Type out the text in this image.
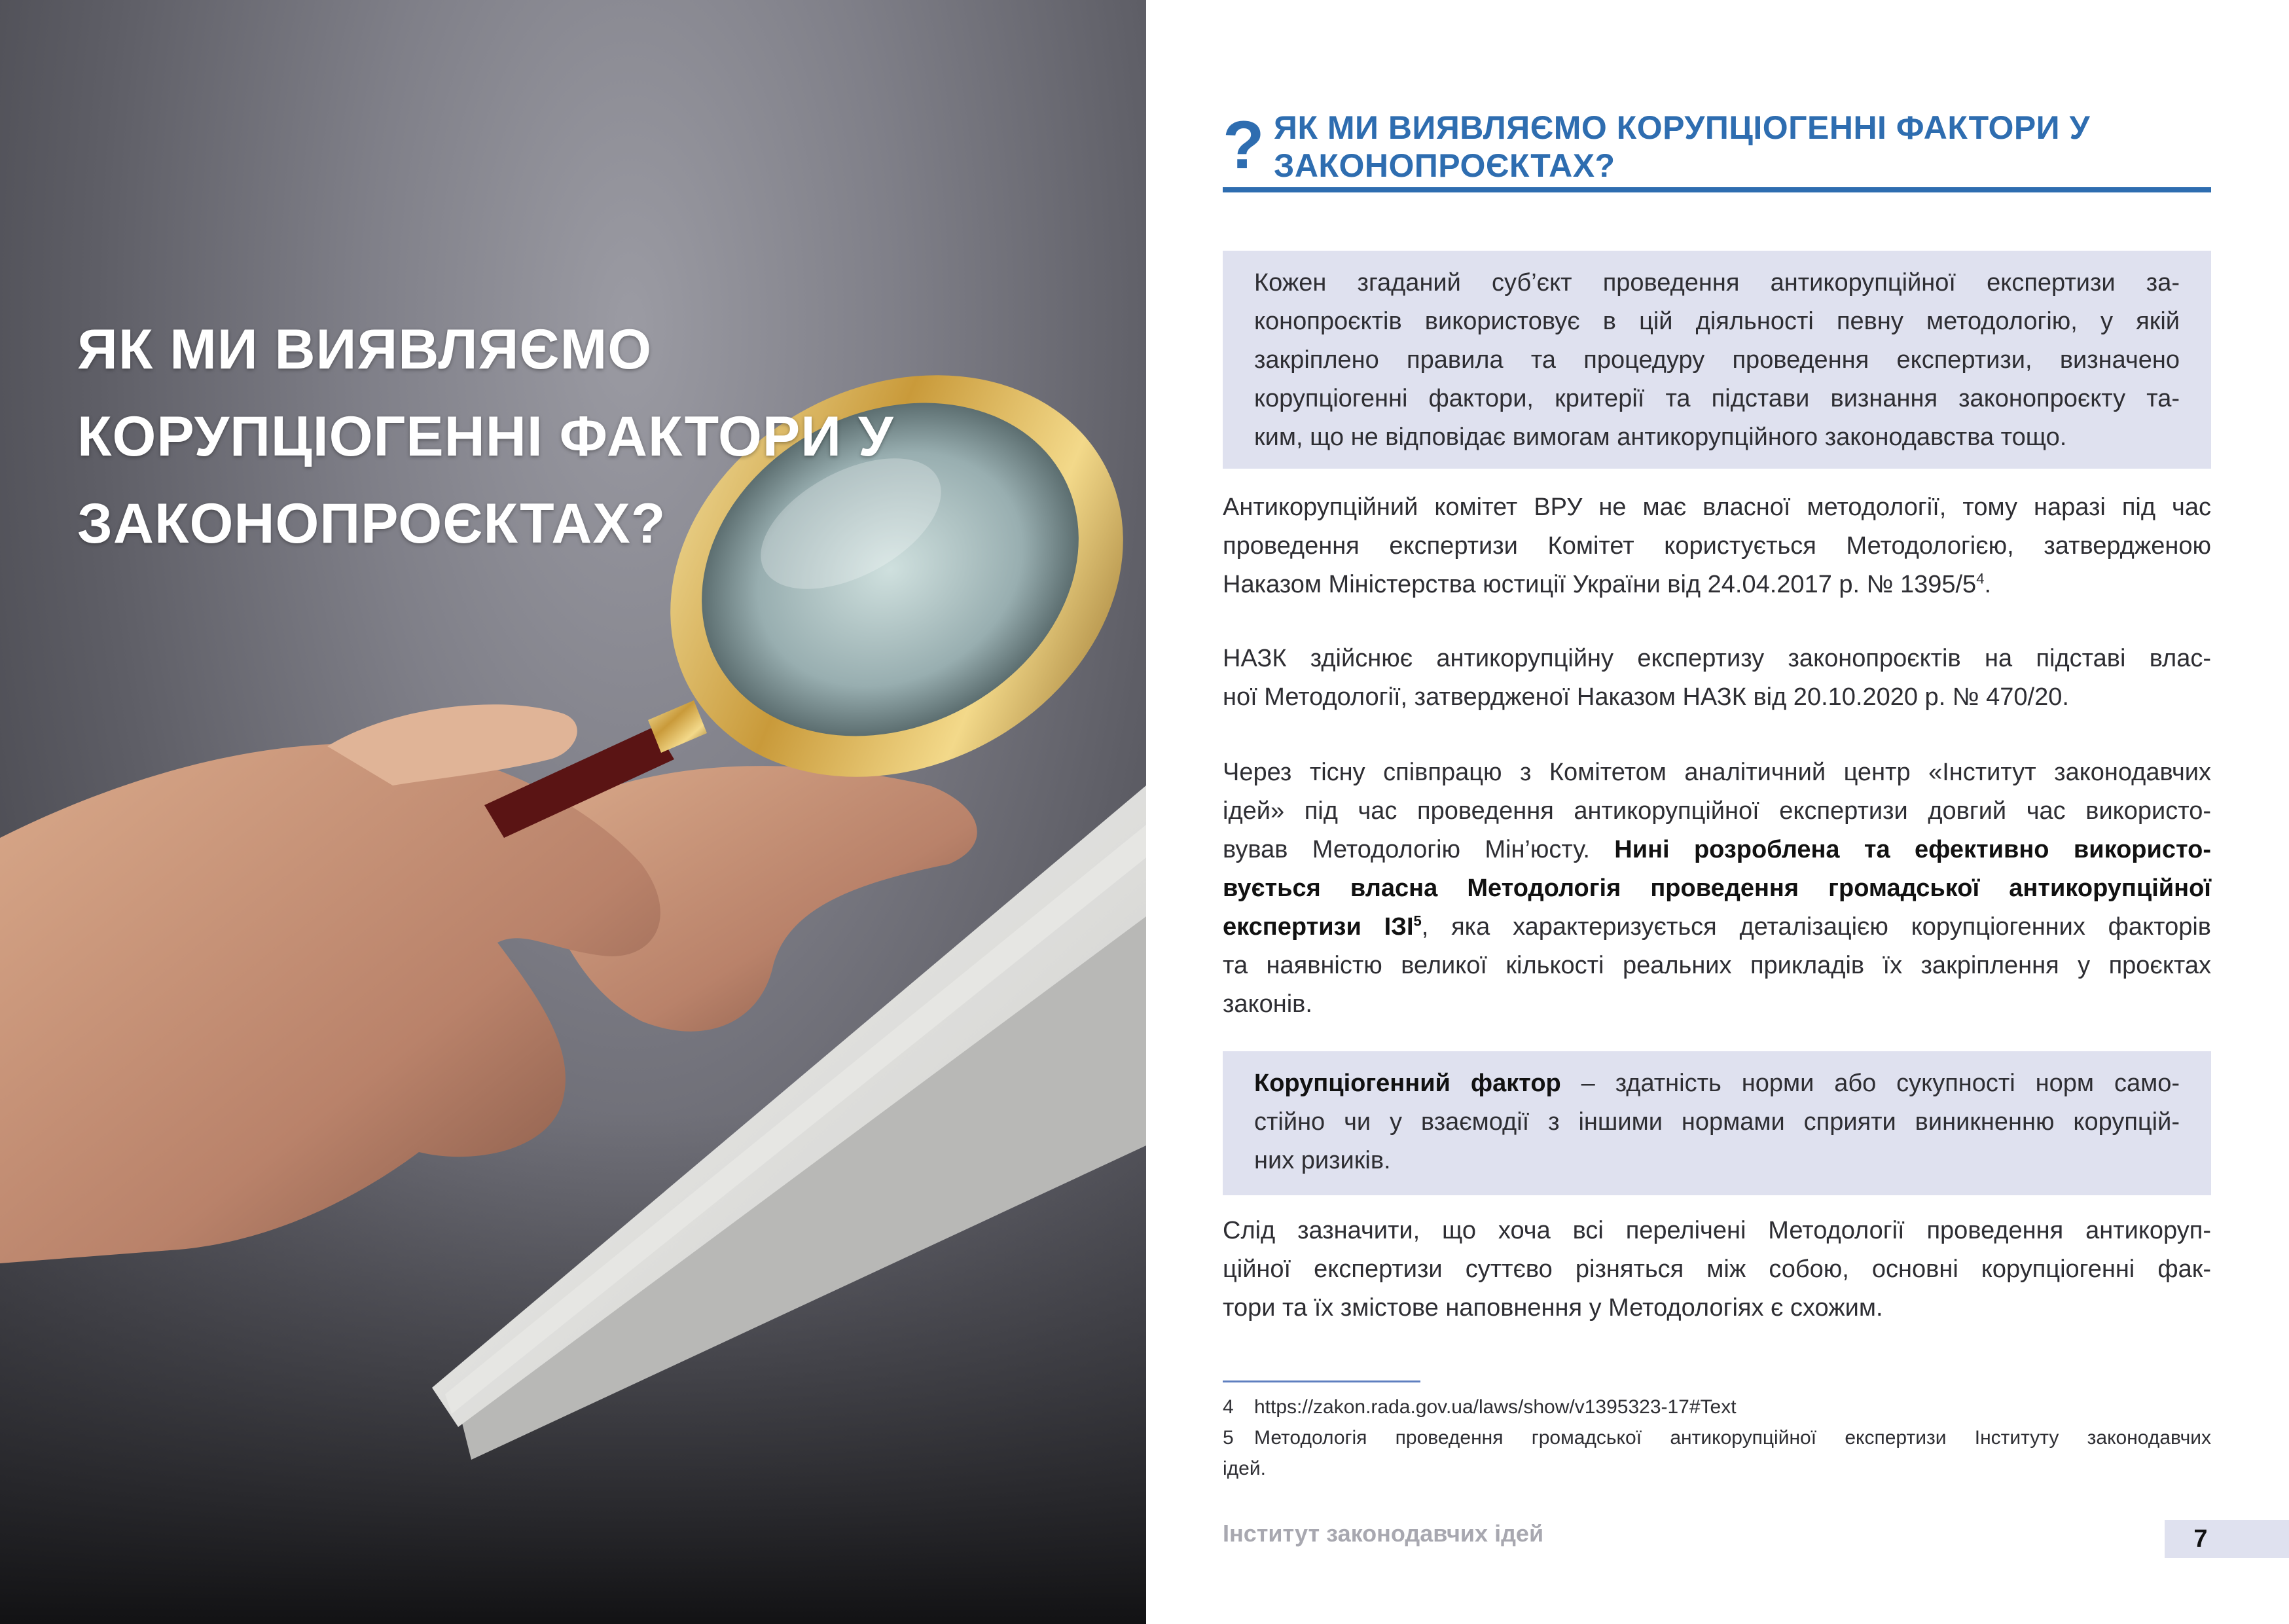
ЯК МИ ВИЯВЛЯЄМО
КОРУПЦІОГЕННІ ФАКТОРИ У
ЗАКОНОПРОЄКТАХ?
? ЯК МИ ВИЯВЛЯЄМО КОРУПЦІОГЕННІ ФАКТОРИ У
ЗАКОНОПРОЄКТАХ?
Кожен згаданий суб’єкт проведення антикорупційної експертизи за-
конопроєктів використовує в цій діяльності певну методологію, у якій
закріплено правила та процедуру проведення експертизи, визначено
корупціогенні фактори, критерії та підстави визнання законопроєкту та-
ким, що не відповідає вимогам антикорупційного законодавства тощо.
Антикорупційний комітет ВРУ не має власної методології, тому наразі під час
проведення експертизи Комітет користується Методологією, затвердженою
Наказом Міністерства юстиції України від 24.04.2017 р. № $1395/5^4$.
НАЗК здійснює антикорупційну експертизу законопроєктів на підставі влас-
ної Методології, затвердженої Наказом НАЗК від 20.10.2020 р. № 470/20.
Через тісну співпрацю з Комітетом аналітичний центр «Інститут законодавчих
ідей» під час проведення антикорупційної експертизи довгий час використо-
вував Методологію Мін’юсту. Нині розроблена та ефективно використо-
вується власна Методологія проведення громадської антикорупційної
експертизи ІЗІ$^5$, яка характеризується деталізацією корупціогенних факторів
та наявністю великої кількості реальних прикладів їх закріплення у проєктах
законів.
Корупціогенний фактор – здатність норми або сукупності норм само-
стійно чи у взаємодії з іншими нормами сприяти виникненню корупцій-
них ризиків.
Слід зазначити, що хоча всі перелічені Методології проведення антикоруп-
ційної експертизи суттєво різняться між собою, основні корупціогенні фак-
тори та їх змістове наповнення у Методологіях є схожим.
4 https://zakon.rada.gov.ua/laws/show/v1395323-17#Text
5 Методологія проведення громадської антикорупційної експертизи Інституту законодавчих
ідей.
Інститут законодавчих ідей	7
